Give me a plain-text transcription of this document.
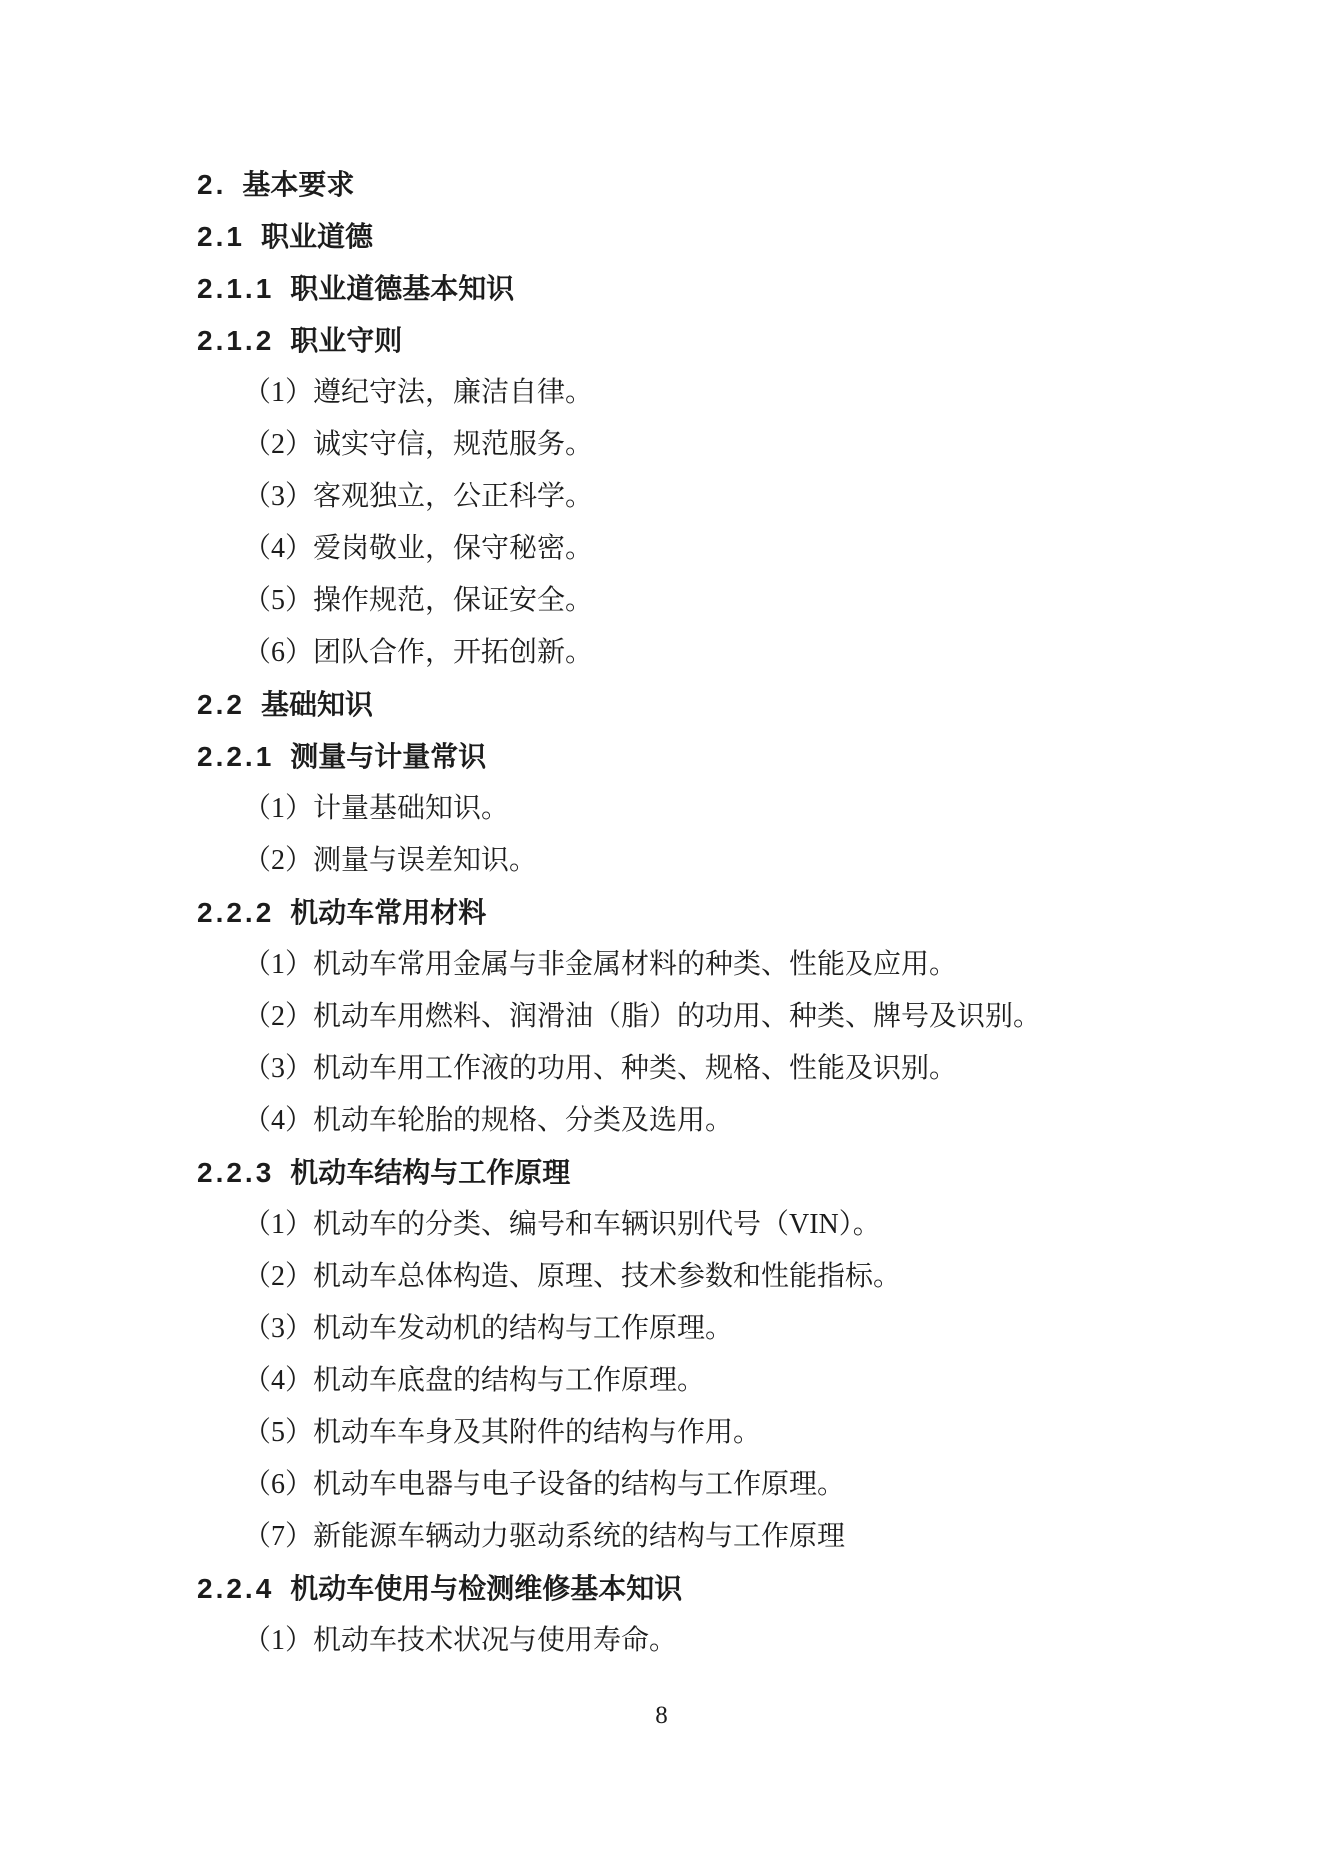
2. 基本要求
2.1 职业道德
2.1.1 职业道德基本知识
2.1.2 职业守则
（1）遵纪守法，廉洁自律。
（2）诚实守信，规范服务。
（3）客观独立，公正科学。
（4）爱岗敬业，保守秘密。
（5）操作规范，保证安全。
（6）团队合作，开拓创新。
2.2 基础知识
2.2.1 测量与计量常识
（1）计量基础知识。
（2）测量与误差知识。
2.2.2 机动车常用材料
（1）机动车常用金属与非金属材料的种类、性能及应用。
（2）机动车用燃料、润滑油（脂）的功用、种类、牌号及识别。
（3）机动车用工作液的功用、种类、规格、性能及识别。
（4）机动车轮胎的规格、分类及选用。
2.2.3 机动车结构与工作原理
（1）机动车的分类、编号和车辆识别代号（VIN）。
（2）机动车总体构造、原理、技术参数和性能指标。
（3）机动车发动机的结构与工作原理。
（4）机动车底盘的结构与工作原理。
（5）机动车车身及其附件的结构与作用。
（6）机动车电器与电子设备的结构与工作原理。
（7）新能源车辆动力驱动系统的结构与工作原理
2.2.4 机动车使用与检测维修基本知识
（1）机动车技术状况与使用寿命。
8
